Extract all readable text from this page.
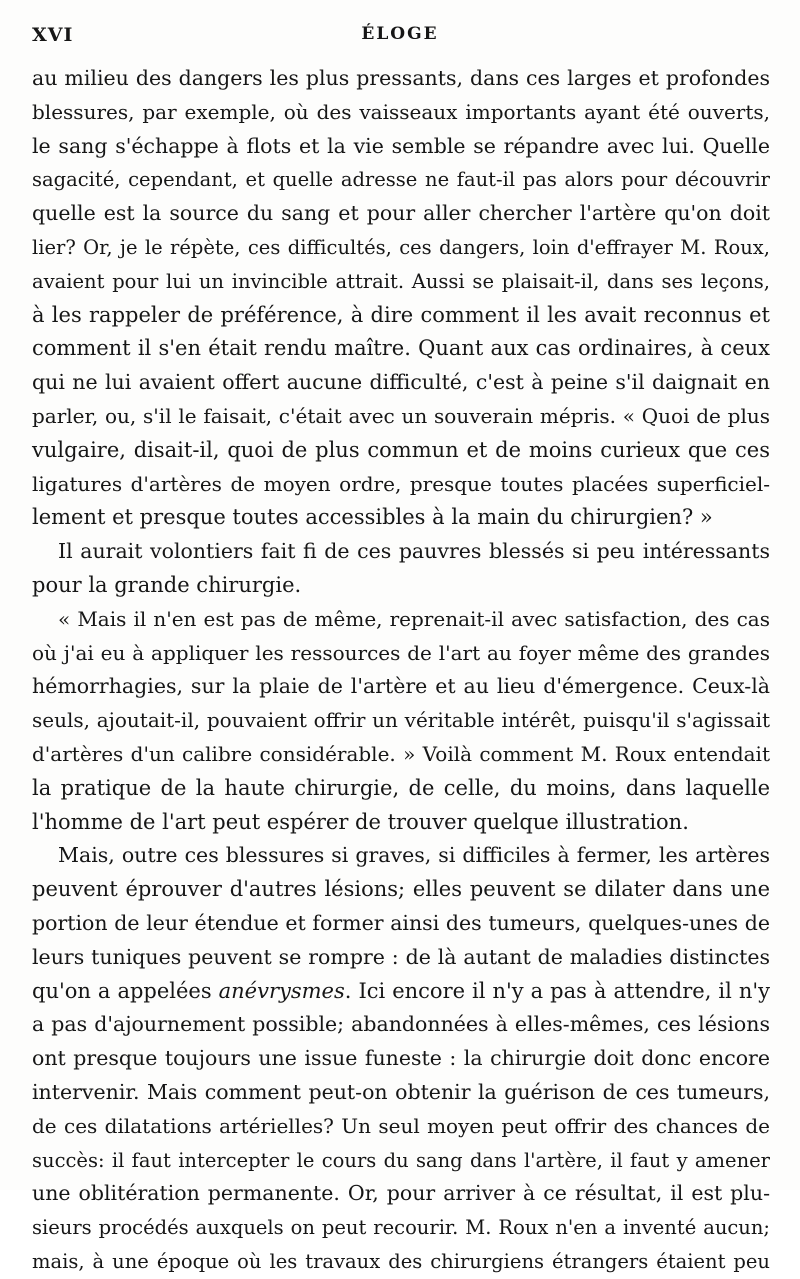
XVI	ÉLOGE
au milieu des dangers les plus pressants, dans ces larges et profondes
blessures, par exemple, où des vaisseaux importants ayant été ouverts,
le sang s'échappe à flots et la vie semble se répandre avec lui. Quelle
sagacité, cependant, et quelle adresse ne faut-il pas alors pour découvrir
quelle est la source du sang et pour aller chercher l'artère qu'on doit
lier? Or, je le répète, ces difficultés, ces dangers, loin d'effrayer M. Roux,
avaient pour lui un invincible attrait. Aussi se plaisait-il, dans ses leçons,
à les rappeler de préférence, à dire comment il les avait reconnus et
comment il s'en était rendu maître. Quant aux cas ordinaires, à ceux
qui ne lui avaient offert aucune difficulté, c'est à peine s'il daignait en
parler, ou, s'il le faisait, c'était avec un souverain mépris. « Quoi de plus
vulgaire, disait-il, quoi de plus commun et de moins curieux que ces
ligatures d'artères de moyen ordre, presque toutes placées superficiel-
lement et presque toutes accessibles à la main du chirurgien? »
Il aurait volontiers fait fi de ces pauvres blessés si peu intéressants
pour la grande chirurgie.
« Mais il n'en est pas de même, reprenait-il avec satisfaction, des cas
où j'ai eu à appliquer les ressources de l'art au foyer même des grandes
hémorrhagies, sur la plaie de l'artère et au lieu d'émergence. Ceux-là
seuls, ajoutait-il, pouvaient offrir un véritable intérêt, puisqu'il s'agissait
d'artères d'un calibre considérable. » Voilà comment M. Roux entendait
la pratique de la haute chirurgie, de celle, du moins, dans laquelle
l'homme de l'art peut espérer de trouver quelque illustration.
Mais, outre ces blessures si graves, si difficiles à fermer, les artères
peuvent éprouver d'autres lésions; elles peuvent se dilater dans une
portion de leur étendue et former ainsi des tumeurs, quelques-unes de
leurs tuniques peuvent se rompre : de là autant de maladies distinctes
qu'on a appelées anévrysmes. Ici encore il n'y a pas à attendre, il n'y
a pas d'ajournement possible; abandonnées à elles-mêmes, ces lésions
ont presque toujours une issue funeste : la chirurgie doit donc encore
intervenir. Mais comment peut-on obtenir la guérison de ces tumeurs,
de ces dilatations artérielles? Un seul moyen peut offrir des chances de
succès: il faut intercepter le cours du sang dans l'artère, il faut y amener
une oblitération permanente. Or, pour arriver à ce résultat, il est plu-
sieurs procédés auxquels on peut recourir. M. Roux n'en a inventé aucun;
mais, à une époque où les travaux des chirurgiens étrangers étaient peu
